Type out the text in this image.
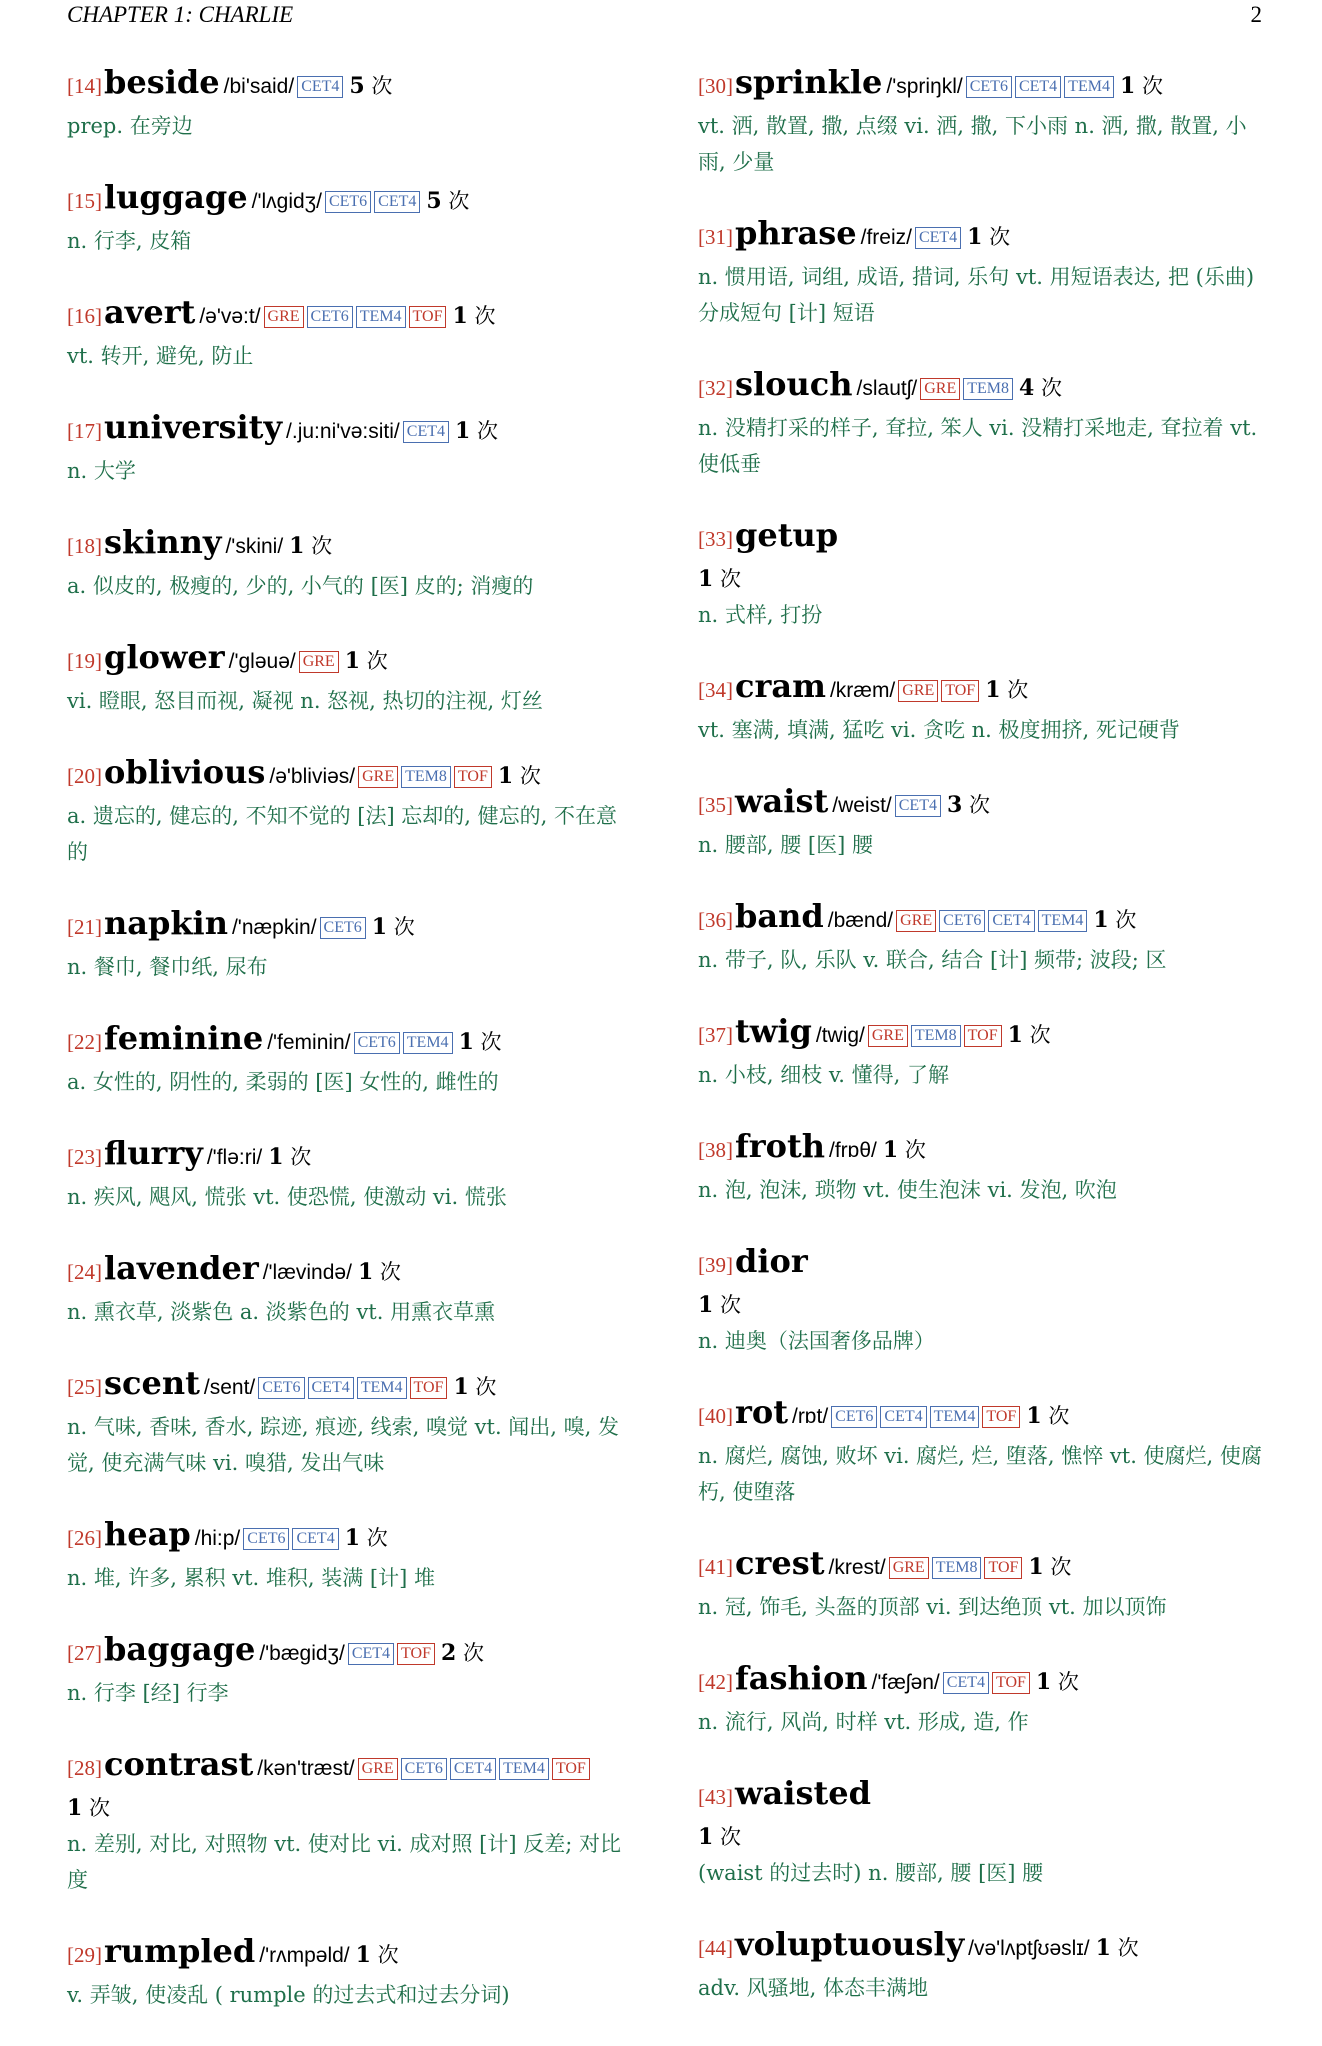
CHAPTER 1: CHARLIE	2
[14]beside /bi'said/ CET4 5 次
prep. 在旁边
[15]luggage /'lʌgidʒ/ CET6 CET4 5 次
n. 行李, 皮箱
[16]avert /ə'və:t/ GRE CET6 TEM4 TOF 1 次
vt. 转开, 避免, 防止
[17]university /.ju:ni'və:siti/ CET4 1 次
n. 大学
[18]skinny /'skini/ 1 次
a. 似皮的, 极瘦的, 少的, 小气的 [医] 皮的; 消瘦的
[19]glower /'gləuə/ GRE 1 次
vi. 瞪眼, 怒目而视, 凝视 n. 怒视, 热切的注视, 灯丝
[20]oblivious /ə'bliviəs/ GRE TEM8 TOF 1 次
a. 遗忘的, 健忘的, 不知不觉的 [法] 忘却的, 健忘的, 不在意的
[21]napkin /'næpkin/ CET6 1 次
n. 餐巾, 餐巾纸, 尿布
[22]feminine /'feminin/ CET6 TEM4 1 次
a. 女性的, 阴性的, 柔弱的 [医] 女性的, 雌性的
[23]flurry /'flə:ri/ 1 次
n. 疾风, 飓风, 慌张 vt. 使恐慌, 使激动 vi. 慌张
[24]lavender /'lævində/ 1 次
n. 熏衣草, 淡紫色 a. 淡紫色的 vt. 用熏衣草熏
[25]scent /sent/ CET6 CET4 TEM4 TOF 1 次
n. 气味, 香味, 香水, 踪迹, 痕迹, 线索, 嗅觉 vt. 闻出, 嗅, 发觉, 使充满气味 vi. 嗅猎, 发出气味
[26]heap /hi:p/ CET6 CET4 1 次
n. 堆, 许多, 累积 vt. 堆积, 装满 [计] 堆
[27]baggage /'bægidʒ/ CET4 TOF 2 次
n. 行李 [经] 行李
[28]contrast /kən'træst/ GRE CET6 CET4 TEM4 TOF
1 次
n. 差别, 对比, 对照物 vt. 使对比 vi. 成对照 [计] 反差; 对比度
[29]rumpled /'rʌmpəld/ 1 次
v. 弄皱, 使凌乱 ( rumple 的过去式和过去分词)
[30]sprinkle /'spriŋkl/ CET6 CET4 TEM4 1 次
vt. 洒, 散置, 撒, 点缀 vi. 洒, 撒, 下小雨 n. 洒, 撒, 散置, 小雨, 少量
[31]phrase /freiz/ CET4 1 次
n. 惯用语, 词组, 成语, 措词, 乐句 vt. 用短语表达, 把 (乐曲) 分成短句 [计] 短语
[32]slouch /slautʃ/ GRE TEM8 4 次
n. 没精打采的样子, 耷拉, 笨人 vi. 没精打采地走, 耷拉着 vt. 使低垂
[33]getup
1 次
n. 式样, 打扮
[34]cram /kræm/ GRE TOF 1 次
vt. 塞满, 填满, 猛吃 vi. 贪吃 n. 极度拥挤, 死记硬背
[35]waist /weist/ CET4 3 次
n. 腰部, 腰 [医] 腰
[36]band /bænd/ GRE CET6 CET4 TEM4 1 次
n. 带子, 队, 乐队 v. 联合, 结合 [计] 频带; 波段; 区
[37]twig /twig/ GRE TEM8 TOF 1 次
n. 小枝, 细枝 v. 懂得, 了解
[38]froth /frɒθ/ 1 次
n. 泡, 泡沫, 琐物 vt. 使生泡沫 vi. 发泡, 吹泡
[39]dior
1 次
n. 迪奥（法国奢侈品牌）
[40]rot /rɒt/ CET6 CET4 TEM4 TOF 1 次
n. 腐烂, 腐蚀, 败坏 vi. 腐烂, 烂, 堕落, 憔悴 vt. 使腐烂, 使腐朽, 使堕落
[41]crest /krest/ GRE TEM8 TOF 1 次
n. 冠, 饰毛, 头盔的顶部 vi. 到达绝顶 vt. 加以顶饰
[42]fashion /'fæʃən/ CET4 TOF 1 次
n. 流行, 风尚, 时样 vt. 形成, 造, 作
[43]waisted
1 次
(waist 的过去时) n. 腰部, 腰 [医] 腰
[44]voluptuously /və'lʌptʃʊəslɪ/ 1 次
adv. 风骚地, 体态丰满地
